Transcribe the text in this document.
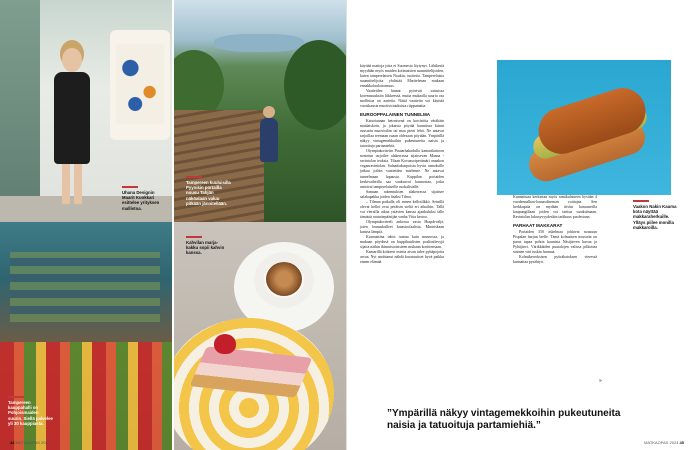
Uhana Designin Maarit Kuokkari esittelee yrityksen mallistoa.
Tampereen kuuluisilla Pyynikin portailla nousu Tahjän näköalaan valuu pitkään jännitellään.
Tampereen kauppahalli on Pohjoismaiden suurin. Siellä palvelee yli 30 kauppiasta.
Kahvilan marja-kakku sopii kahvin kanssa.
44 MATKAOPAS 2024

käyttää mattoja jotta ei Suomesta löytynyt. Lähikestä myydään myös muiden kotimaisten suunnittelijoiden, kuten tamperelaisen Noukin, tuotteita. Tamperelaisia suunnittelijoita yhdistää Marttelenan mukaan ennakkoluulottomuus.

Vaatteiden hinnat pyörivät satasissa korenasuuksiin liikkeessä, mutta mukaalla suurta osa mallistoa on aarteita. Näitä vaatteita voi käyttää vuosikausia muotivirtauksista riippumatta.

EUROOPPALAINEN TUNNELMA

Katsotaanan hetonisenä on kortistöta väräkäin maalaiskoin, ja jokaista pöytää kauniissa kiinni ruusuttu muovisilän tai maa pieni lehti. Ne antavat tarjoillaa teemaan ruaan ohlesaan pöytään. Ympärillä näkyy vintagemekkoihin pukeutuneita naisia ja tatuoituja partamiehiä.

Olympiakortteiin Puutarhakadulla kamarikattoon nostetun tarjoilee alakerrassa sijaitsevan Maana -ravintolan teoksia. Tilaan Kovaasoiperämäri anaakon veganravintolan. Salaatiinbarpoista hyvin annoksille jatkuu joihin vaatteiden mielenne. Ne antavat tunnelmaan lupausta. Kuppilan portaiden keskivaiheilla saa vaaksuvat kunnostaa, jotka antoivat tamperelaiseille ruokalistalle.

Samaan rakennuksen alakerrassa sijaitsee salakapakka joiden lisäksi Tilma.

– Tilman paikalla oli ennen kellotilkkö. Seinillä olevat kellot ovat peräisin sieltä eri aikoihin. Tällä voi vierailla aikaa ystävien kanssa ajankuluksi tälle tämästä rautatiepääsijän vanha Vitta kertoo.

Olympiakortteeli ankossa vasta Hrapdrväljä, joten lounaskulleet katastrofaalista. Mnäriskaan kanssa lämpiä.

Kuuraattina tekin tuntuu kuin museossa, ja mukaan pöydissä on kuppihuulisten posliinilevyjä sijaita näihin ikimuistoisisteen mukaan koeittensaan.

Kamarillä kohteen ostetta aivan tulee pyhäpojoita arvaa. Nyt unohtanut nähdä kuoriuutiset hyvä paikka ennen elämää.

Vaakon Nakin Kauma kota näyttää makkaraherkuille. Ylläys piilee monilla makkaroilla.

Kunnaituaa kerkintaa myös ramikulaiseen hyvään 4 vuodennalkaa-loanasdiseman voittajaa. Sen herkkupala on mydään tiiviin karuasteilla kaupungillaan joiden voi tarttua sarakulmaan. Ravintolan lukusyvyydeskin tarkkuus puolestaan.

PARHAAT MAKKARAT

Portaiden 350 askelmaa johtavat nousuun Pispalan harjun laelle. Tämä kolmaisen nousutta on paras tapaa pohtia kaunista Näsijärven kuvaa ja Pyhäjärvi. Värikkäiden puutalojen valissa pilkottaa sininen väri tuskin hurmaa.

Kolmikerroksisen pyöräkatoksen vieressä kannattaa pysähtyä.

»
”Ympärillä näkyy vintagemekkoihin pukeutuneita naisia ja tatuoituja partamiehiä.”
MATKAOPAS 2024 45
